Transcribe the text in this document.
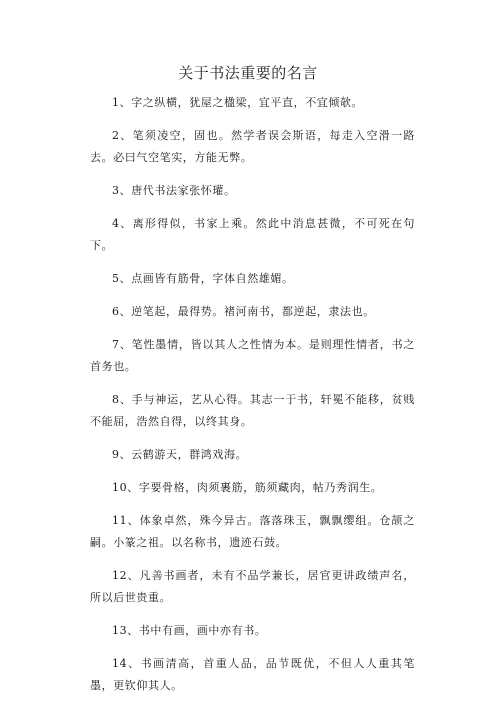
关于书法重要的名言
1、字之纵横，犹屋之楹梁，宜平直，不宜倾欹。
2、笔须凌空，固也。然学者误会斯语，每走入空滑一路去。必曰气空笔实，方能无弊。
3、唐代书法家张怀瓘。
4、离形得似，书家上乘。然此中消息甚微，不可死在句下。
5、点画皆有筋骨，字体自然雄媚。
6、逆笔起，最得势。褚河南书，都逆起，隶法也。
7、笔性墨情，皆以其人之性情为本。是则理性情者，书之首务也。
8、手与神运，艺从心得。其志一于书，轩冕不能移，贫贱不能屈，浩然自得，以终其身。
9、云鹤游天，群鸿戏海。
10、字要骨格，肉须裹筋，筋须藏肉，帖乃秀润生。
11、体象卓然，殊今异古。落落珠玉，飘飘缨组。仓颉之嗣。小篆之祖。以名称书，遗迹石鼓。
12、凡善书画者，未有不品学兼长，居官更讲政绩声名，所以后世贵重。
13、书中有画，画中亦有书。
14、书画清高，首重人品，品节既优，不但人人重其笔墨，更钦仰其人。
